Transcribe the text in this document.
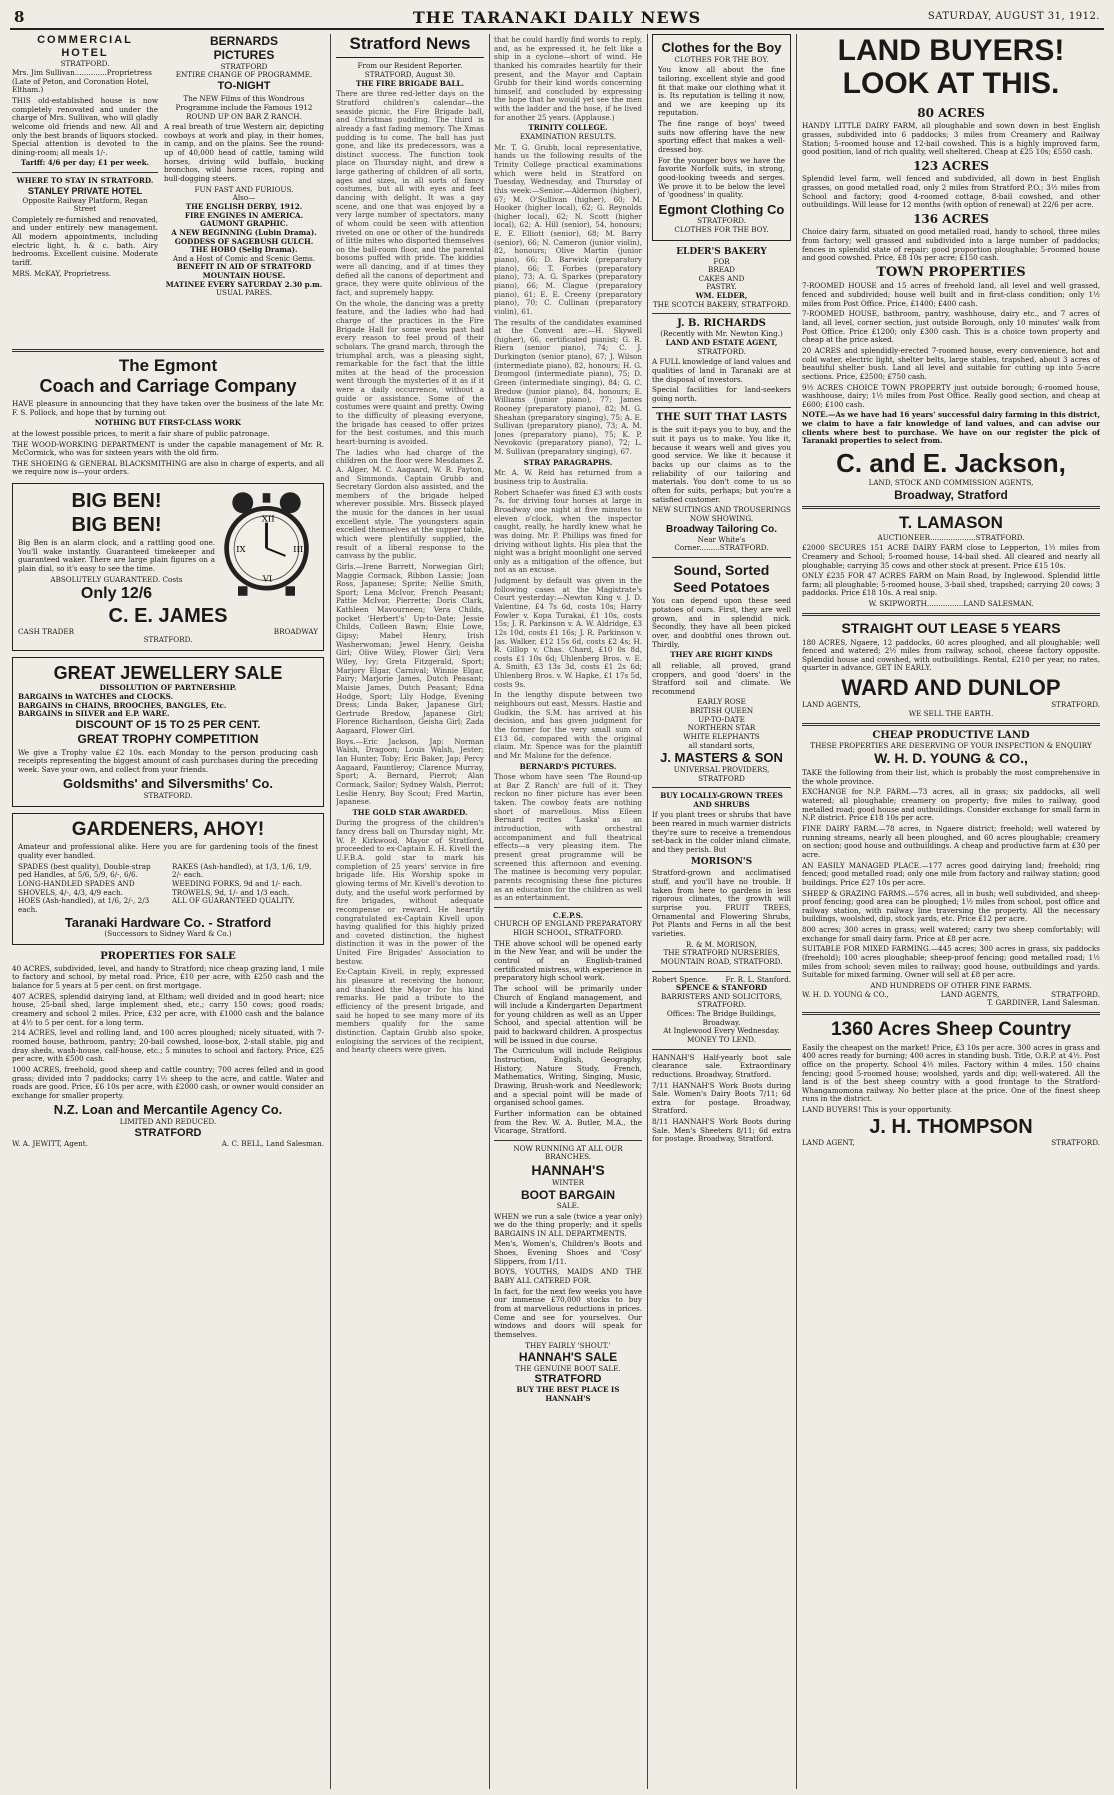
8	THE TARANAKI DAILY NEWS	SATURDAY, AUGUST 31, 1912.
COMMERCIAL HOTEL
STRATFORD.
Mrs. Jim Sullivan..............Proprietress
(Late of Peton, and Coronation Hotel, Eltham.)
THIS old-established house is now completely renovated and under the charge of Mrs. Sullivan, who will gladly welcome old friends and new. All and only the best brands of liquors stocked. Special attention is devoted to the dining-room; all meals 1/-.
Tariff: 4/6 per day; £1 per week.
WHERE TO STAY IN STRATFORD.
STANLEY PRIVATE HOTEL
Opposite Railway Platform, Regan Street
Completely re-furnished and renovated, and under entirely new management. All modern appointments, including electric light, h. & c. bath. Airy bedrooms. Excellent cuisine. Moderate tariff.
MRS. McKAY, Proprietress.
The Egmont
Coach and Carriage Company
HAVE pleasure in announcing that they have taken over the business of the late Mr. F. S. Pollock, and hope that by turning out
NOTHING BUT FIRST-CLASS WORK
at the lowest possible prices, to merit a fair share of public patronage.
THE WOOD-WORKING DEPARTMENT is under the capable management of Mr. R. McCormick, who was for sixteen years with the old firm.
THE SHOEING & GENERAL BLACKSMITHING are also in charge of experts, and all we require now is—your orders.
XII
III
VI
IX
BIG BEN!
BIG BEN!
Big Ben is an alarm clock, and a rattling good one. You'll wake instantly. Guaranteed timekeeper and guaranteed waker. There are large plain figures on a plain dial, so it's easy to see the time.
ABSOLUTELY GUARANTEED. Costs
Only 12/6
C. E. JAMES
CASH TRADER	BROADWAY
STRATFORD.
GREAT JEWELLERY SALE
DISSOLUTION OF PARTNERSHIP.
BARGAINS in WATCHES and CLOCKS.
BARGAINS in CHAINS, BROOCHES, BANGLES, Etc.
BARGAINS in SILVER and E.P. WARE.
DISCOUNT OF 15 TO 25 PER CENT.
GREAT TROPHY COMPETITION
We give a Trophy value £2 10s. each Monday to the person producing cash receipts representing the biggest amount of cash purchases during the preceding week. Save your own, and collect from your friends.
Goldsmiths' and Silversmiths' Co.
STRATFORD.
GARDENERS, AHOY!
Amateur and professional alike. Here you are for gardening tools of the finest quality ever handled.
SPADES (best quality), Double-strap ped Handles, at 5/6, 5/9, 6/-, 6/6.
LONG-HANDLED SPADES AND SHOVELS, 4/-, 4/3, 4/9 each.
HOES (Ash-handled), at 1/6, 2/-, 2/3 each.
RAKES (Ash-handled), at 1/3, 1/6, 1/9, 2/- each.
WEEDING FORKS, 9d and 1/- each.
TROWELS, 9d, 1/- and 1/3 each.
ALL OF GUARANTEED QUALITY.
Taranaki Hardware Co. - Stratford
(Successors to Sidney Ward & Co.)
PROPERTIES FOR SALE
40 ACRES, subdivided, level, and handy to Stratford; nice cheap grazing land, 1 mile to factory and school, by metal road. Price, £10 per acre, with £250 cash and the balance for 5 years at 5 per cent. on first mortgage.
407 ACRES, splendid dairying land, at Eltham; well divided and in good heart; nice house, 25-bail shed, large implement shed, etc.; carry 150 cows; good roads; creamery and school 2 miles. Price, £32 per acre, with £1000 cash and the balance at 4½ to 5 per cent. for a long term.
214 ACRES, level and rolling land, and 100 acres ploughed; nicely situated, with 7-roomed house, bathroom, pantry; 20-bail cowshed, loose-box, 2-stall stable, pig and dray sheds, wash-house, calf-house, etc.; 5 minutes to school and factory. Price, £25 per acre, with £500 cash.
1000 ACRES, freehold, good sheep and cattle country; 700 acres felled and in good grass; divided into 7 paddocks; carry 1½ sheep to the acre, and cattle. Water and roads are good. Price, £6 10s per acre, with £2000 cash, or owner would consider an exchange for smaller property.
N.Z. Loan and Mercantile Agency Co.
LIMITED AND REDUCED.
STRATFORD
W. A. JEWITT, Agent.	A. C. BELL, Land Salesman.
BERNARDS
PICTURES
STRATFORD
ENTIRE CHANGE OF PROGRAMME.
TO-NIGHT
The NEW Films of this Wondrous Programme include the Famous 1912 ROUND UP ON BAR Z RANCH.
A real breath of true Western air, depicting cowboys at work and play, in their homes, in camp, and on the plains. See the round-up of 40,000 head of cattle, taming wild horses, driving wild buffalo, bucking bronchos, wild horse races, roping and bull-dogging steers.
FUN FAST AND FURIOUS.
Also—
THE ENGLISH DERBY, 1912.
FIRE ENGINES IN AMERICA.
GAUMONT GRAPHIC.
A NEW BEGINNING (Lubin Drama).
GODDESS OF SAGEBUSH GULCH.
THE HOBO (Selig Drama).
And a Host of Comic and Scenic Gems.
BENEFIT IN AID OF STRATFORD MOUNTAIN HOUSE.
MATINEE EVERY SATURDAY 2.30 p.m.
USUAL PARES.
Stratford News
From our Resident Reporter.
STRATFORD, August 30.
THE FIRE BRIGADE BALL.
There are three red-letter days on the Stratford children's calendar—the seaside picnic, the Fire Brigade ball, and Christmas pudding. The third is already a fast fading memory. The Xmas pudding is to come. The ball has just gone, and like its predecessors, was a distinct success. The function took place on Thursday night, and drew a large gathering of children of all sorts, ages and sizes, in all sorts of fancy costumes, but all with eyes and feet dancing with delight. It was a gay scene, and one that was enjoyed by a very large number of spectators, many of whom could be seen with attention riveted on one or other of the hundreds of little mites who disported themselves on the ball-room floor, and the parental bosoms puffed with pride. The kiddies were all dancing, and if at times they defied all the canons of deportment and grace, they were quite oblivious of the fact, and supremely happy.
On the whole, the dancing was a pretty feature, and the ladies who had had charge of the practices in the Fire Brigade Hall for some weeks past had every reason to feel proud of their scholars. The grand march, through the triumphal arch, was a pleasing sight, remarkable for the fact that the little mites at the head of the procession went through the mysteries of it as if it were a daily occurrence, without a guide or assistance. Some of the costumes were quaint and pretty. Owing to the difficulty of pleasing everyone, the brigade has ceased to offer prizes for the best costumes, and this much heart-burning is avoided.
The ladies who had charge of the children on the floor were Mesdames Z. A. Alger, M. C. Aagaard, W. R. Payton, and Simmonds. Captain Grubb and Secretary Gordon also assisted, and the members of the brigade helped wherever possible. Mrs. Bisseck played the music for the dances in her usual excellent style. The youngsters again excelled themselves at the supper table, which were plentifully supplied, the result of a liberal response to the canvass by the public.
Girls.—Irene Barrett, Norwegian Girl; Maggie Cormack, Ribbon Lassie; Joan Ross, Japanese; Sprite; Nellie Smith, Sport; Lena McIvor, French Peasant; Pattie McIvor, Pierrette; Doris Clark, Kathleen Mavourneen; Vera Childs, pocket 'Herbert's' Up-to-Date; Jessie Childs, Colleen Bawn; Elsie Lowe, Gipsy; Mabel Henry, Irish Washerwoman; Jewel Henry, Geisha Girl; Olive Wiley, Flower Girl; Vera Wiley, Ivy; Greta Fitzgerald, Sport; Marjory Elgar, Carnival; Winnie Elgar, Fairy; Marjorie James, Dutch Peasant; Maisie James, Dutch Peasant; Edna Hodge, Sport; Lily Hodge, Evening Dress; Linda Baker, Japanese Girl; Gertrude Bredow, Japanese Girl; Florence Richardson, Geisha Girl; Zada Aagaard, Flower Girl.
Boys.—Eric Jackson, Jap; Norman Walsh, Dragoon; Louis Walsh, Jester; Ian Hunter, Toby; Eric Baker, Jap; Percy Aagaard, Fauntleroy; Clarence Murray, Sport; A. Bernard, Pierrot; Alan Cormack, Sailor; Sydney Walsh, Pierrot; Leslie Henry, Boy Scout; Fred Martin, Japanese.
THE GOLD STAR AWARDED.
During the progress of the children's fancy dress ball on Thursday night, Mr. W. P. Kirkwood, Mayor of Stratford, proceeded to ex-Captain E. H. Kivell the U.F.B.A. gold star to mark his completion of 25 years' service in fire brigade life. His Worship spoke in glowing terms of Mr. Kivell's devotion to duty, and the useful work performed by fire brigades, without adequate recompense or reward. He heartily congratulated ex-Captain Kivell upon having qualified for this highly prized and coveted distinction, the highest distinction it was in the power of the United Fire Brigades' Association to bestow.
Ex-Captain Kivell, in reply, expressed his pleasure at receiving the honour, and thanked the Mayor for his kind remarks. He paid a tribute to the efficiency of the present brigade, and said he hoped to see many more of its members qualify for the same distinction. Captain Grubb also spoke, eulogising the services of the recipient, and hearty cheers were given.
that he could hardly find words to reply, and, as he expressed it, he felt like a ship in a cyclone—short of wind. He thanked his comrades heartily for their present, and the Mayor and Captain Grubb for their kind words concerning himself, and concluded by expressing the hope that he would yet see the men with the ladder and the hose, if he lived for another 25 years. (Applause.)
TRINITY COLLEGE.
EXAMINATION RESULTS.
Mr. T. G. Grubb, local representative, hands us the following results of the Trinity College practical examinations which were held in Stratford on Tuesday, Wednesday, and Thursday of this week:—Senior.—Aldermon (higher), 67; M. O'Sullivan (higher), 60; M. Hooker (higher local), 62; G. Reynolds (higher local), 62; N. Scott (higher local), 62; A. Hill (senior), 54, honours; E. E. Elliott (senior), 68; M. Barry (senior), 66; N. Cameron (junior violin), 82, honours; Olive Martin (junior piano), 66; D. Barwick (preparatory piano), 66; T. Forbes (preparatory piano), 73; A. G. Sparkes (preparatory piano), 66; M. Clague (preparatory piano), 61; E. E. Creeny (preparatory piano), 70; C. Cullinan (preparatory violin), 61.
The results of the candidates examined at the Convent are:—H. Skywell (higher), 66, certificated pianist; G. R. Riera (senior piano), 74; C. J. Durkington (senior piano), 67; J. Wilson (intermediate piano), 82, honours; H. G. Dromgool (intermediate piano), 75; D. Green (intermediate singing), 84; G. C. Bredow (junior piano), 84, honours; E. Williams (junior piano), 77; James Rooney (preparatory piano), 82; M. G. Sheahan (preparatory singing), 75; A. E. Sullivan (preparatory piano), 73; A. M. Jones (preparatory piano), 75; K. P. Nevokovic (preparatory piano), 72; L. M. Sullivan (preparatory singing), 67.
STRAY PARAGRAPHS.
Mr. A. W. Reid has returned from a business trip to Australia.
Robert Schaefer was fined £3 with costs 7s. for driving four horses at large in Broadway one night at five minutes to eleven o'clock, when the inspector caught, really, he hardly knew what he was doing. Mr. P. Phillips was fined for driving without lights. His plea that the night was a bright moonlight one served only as a mitigation of the offence, but not as an excuse.
Judgment by default was given in the following cases at the Magistrate's Court yesterday:—Newton King v. J. D. Valentine, £4 7s 6d, costs 10s; Harry Fowler v. Kopa Turakai, £1 10s, costs 15s; J. R. Parkinson v. A. W. Aldridge, £3 12s 10d, costs £1 16s; J. R. Parkinson v. Jas. Walker, £12 15s 6d, costs £2 4s; H. R. Gillop v. Chas. Chard, £10 0s 8d, costs £1 10s 6d; Uhlenberg Bros. v. E. A. Smith, £3 13s 3d, costs £1 2s 6d; Uhlenberg Bros. v. W. Hapke, £1 17s 5d, costs 9s.
In the lengthy dispute between two neighbours out east, Messrs. Hastie and Gudkin, the S.M. has arrived at his decision, and has given judgment for the former for the very small sum of £13 6d, compared with the original claim. Mr. Spence was for the plaintiff and Mr. Malone for the defence.
BERNARD'S PICTURES.
Those whom have seen 'The Round-up at Bar Z Ranch' are full of it. They reckon no finer picture has ever been taken. The cowboy feats are nothing short of marvellous. Miss Eileen Bernard recites 'Laska' as an introduction, with orchestral accompaniment and full theatrical effects—a very pleasing item. The present great programme will be screened this afternoon and evening. The matinee is becoming very popular, parents recognising these fine pictures as an education for the children as well as an entertainment.
C.E.P.S.
CHURCH OF ENGLAND PREPARATORY HIGH SCHOOL, STRATFORD.
THE above school will be opened early in the New Year, and will be under the control of an English-trained certificated mistress, with experience in preparatory high school work.
The school will be primarily under Church of England management, and will include a Kindergarten Department for young children as well as an Upper School, and special attention will be paid to backward children. A prospectus will be issued in due course.
The Curriculum will include Religious Instruction, English, Geography, History, Nature Study, French, Mathematics, Writing, Singing, Music, Drawing, Brush-work and Needlework; and a special point will be made of organised school games.
Further information can be obtained from the Rev. W. A. Butler, M.A., the Vicarage, Stratford.
NOW RUNNING AT ALL OUR BRANCHES.
HANNAH'S
WINTER
BOOT BARGAIN
SALE.
WHEN we run a sale (twice a year only) we do the thing properly; and it spells BARGAINS IN ALL DEPARTMENTS.
Men's, Women's, Children's Boots and Shoes, Evening Shoes and 'Cosy' Slippers, from 1/11.
BOYS, YOUTHS, MAIDS AND THE BABY ALL CATERED FOR.
In fact, for the next few weeks you have our immense £70,000 stocks to buy from at marvellous reductions in prices. Come and see for yourselves. Our windows and doors will speak for themselves.
THEY FAIRLY 'SHOUT.'
HANNAH'S SALE
THE GENUINE BOOT SALE.
STRATFORD
BUY THE BEST PLACE IS HANNAH'S
Clothes for the Boy
CLOTHES FOR THE BOY.
You know all about the fine tailoring, excellent style and good fit that make our clothing what it is. Its reputation is telling it now, and we are keeping up its reputation.
The fine range of boys' tweed suits now offering have the new sporting effect that makes a well-dressed boy.
For the younger boys we have the favorite Norfolk suits, in strong, good-looking tweeds and serges. We prove it to be below the level of 'goodness' in quality.
Egmont Clothing Co
STRATFORD.
CLOTHES FOR THE BOY.
ELDER'S BAKERY
FOR
BREAD
CAKES AND
PASTRY.
WM. ELDER,
THE SCOTCH BAKERY, STRATFORD.
J. B. RICHARDS
(Recently with Mr. Newton King.)
LAND AND ESTATE AGENT,
STRATFORD.
A FULL knowledge of land values and qualities of land in Taranaki are at the disposal of investors.
Special facilities for land-seekers going north.
THE SUIT THAT LASTS
is the suit it-pays you to buy, and the suit it pays us to make. You like it, because it wears well and gives you good service. We like it because it backs up our claims as to the reliability of our tailoring and materials. You don't come to us so often for suits, perhaps; but you're a satisfied customer.
NEW SUITINGS AND TROUSERINGS NOW SHOWING.
Broadway Tailoring Co.
Near White's Corner.........STRATFORD.
Sound, Sorted
Seed Potatoes
You can depend upon these seed potatoes of ours. First, they are well grown, and in splendid nick. Secondly, they have all been picked over, and doubtful ones thrown out. Thirdly,
THEY ARE RIGHT KINDS
all reliable, all proved, grand croppers, and good 'doers' in the Stratford soil and climate. We recommend
EARLY ROSE
BRITISH QUEEN
UP-TO-DATE
NORTHERN STAR
WHITE ELEPHANTS
all standard sorts,
J. MASTERS & SON
UNIVERSAL PROVIDERS,
STRATFORD
BUY LOCALLY-GROWN TREES AND SHRUBS
If you plant trees or shrubs that have been reared in much warmer districts they're sure to receive a tremendous set-back in the colder inland climate, and they perish. But
MORISON'S
Stratford-grown and acclimatised stuff, and you'll have no trouble. If taken from here to gardens in less rigorous climates, the growth will surprise you. FRUIT TREES, Ornamental and Flowering Shrubs, Pot Plants and Ferns in all the best varieties.
R. & M. MORISON,
THE STRATFORD NURSERIES,
MOUNTAIN ROAD, STRATFORD.
Robert Spence. Fr. R. L. Stanford.
SPENCE & STANFORD
BARRISTERS AND SOLICITORS,
STRATFORD.
Offices: The Bridge Buildings, Broadway.
At Inglewood Every Wednesday.
MONEY TO LEND.
HANNAH'S Half-yearly boot sale clearance sale. Extraordinary reductions. Broadway, Stratford.
7/11 HANNAH'S Work Boots during Sale. Women's Dairy Boots 7/11; 6d extra for postage. Broadway, Stratford.
8/11 HANNAH'S Work Boots during Sale. Men's Sheeters 8/11; 6d extra for postage. Broadway, Stratford.
LAND BUYERS!
LOOK AT THIS.
80 ACRES
HANDY LITTLE DAIRY FARM, all ploughable and sown down in best English grasses, subdivided into 6 paddocks; 3 miles from Creamery and Railway Station; 5-roomed house and 12-bail cowshed. This is a highly improved farm, good position, land of rich quality, well sheltered. Cheap at £25 10s; £550 cash.
123 ACRES
Splendid level farm, well fenced and subdivided, all down in best English grasses, on good metalled road, only 2 miles from Stratford P.O.; 3½ miles from School and factory; good 4-roomed cottage, 8-bail cowshed, and other outbuildings. Will lease for 12 months (with option of renewal) at 22/6 per acre.
136 ACRES
Choice dairy farm, situated on good metalled road, handy to school, three miles from factory; well grassed and subdivided into a large number of paddocks; fences in splendid state of repair; good proportion ploughable; 5-roomed house and good cowshed. Price, £8 10s per acre; £150 cash.
TOWN PROPERTIES
7-ROOMED HOUSE and 15 acres of freehold land, all level and well grassed, fenced and subdivided; house well built and in first-class condition; only 1½ miles from Post Office. Price, £1400; £400 cash.
7-ROOMED HOUSE, bathroom, pantry, washhouse, dairy etc., and 7 acres of land, all level, corner section, just outside Borough, only 10 minutes' walk from Post Office. Price £1200; only £300 cash. This is a choice town property and cheap at the price asked.
20 ACRES and splendidly-erected 7-roomed house, every convenience, hot and cold water, electric light, shelter belts, large stables, trapshed, about 3 acres of beautiful shelter bush. Land all level and suitable for cutting up into 5-acre sections. Price, £2500; £750 cash.
9½ ACRES CHOICE TOWN PROPERTY just outside borough; 6-roomed house, washhouse, dairy; 1½ miles from Post Office. Really good section, and cheap at £600; £100 cash.
NOTE.—As we have had 16 years' successful dairy farming in this district, we claim to have a fair knowledge of land values, and can advise our clients where best to purchase. We have on our register the pick of Taranaki properties to select from.
C. and E. Jackson,
LAND, STOCK AND COMMISSION AGENTS,
Broadway, Stratford
T. LAMASON
AUCTIONEER....................STRATFORD.
£2000 SECURES 151 ACRE DAIRY FARM close to Lepperton, 1½ miles from Creamery and School; 5-roomed house, 14-bail shed. All cleared and nearly all ploughable; carrying 35 cows and other stock at present. Price £15 10s.
ONLY £235 FOR 47 ACRES FARM on Main Road, by Inglewood. Splendid little farm; all ploughable; 5-roomed house, 3-bail shed, trapshed; carrying 20 cows; 3 paddocks. Price £18 10s. A real snip.
W. SKIPWORTH................LAND SALESMAN.
STRAIGHT OUT LEASE 5 YEARS
180 ACRES, Ngaere, 12 paddocks, 60 acres ploughed, and all ploughable; well fenced and watered; 2½ miles from railway, school, cheese factory opposite. Splendid house and cowshed, with outbuildings. Rental, £210 per year, no rates, quarter in advance. GET IN EARLY.
WARD AND DUNLOP
LAND AGENTS,	STRATFORD.
WE SELL THE EARTH.
CHEAP PRODUCTIVE LAND
THESE PROPERTIES ARE DESERVING OF YOUR INSPECTION & ENQUIRY
W. H. D. YOUNG & CO.,
TAKE the following from their list, which is probably the most comprehensive in the whole province.
EXCHANGE for N.P. FARM.—73 acres, all in grass; six paddocks, all well watered; all ploughable; creamery on property; five miles to railway, good metalled road; good house and outbuildings. Consider exchange for small farm in N.P. district. Price £18 10s per acre.
FINE DAIRY FARM.—78 acres, in Ngaere district; freehold; well watered by running streams, nearly all been ploughed, and 60 acres ploughable; creamery on section; good house and outbuildings. A cheap and productive farm at £30 per acre.
AN EASILY MANAGED PLACE.—177 acres good dairying land; freehold; ring fenced; good metalled road; only one mile from factory and railway station; good buildings. Price £27 10s per acre.
SHEEP & GRAZING FARMS.—576 acres, all in bush; well subdivided, and sheep-proof fencing; good area can be ploughed; 1½ miles from school, post office and railway station, with railway line traversing the property. All the necessary buildings, woolshed, dip, stock yards, etc. Price £12 per acre.
800 acres; 300 acres in grass; well watered; carry two sheep comfortably; will exchange for small dairy farm. Price at £8 per acre.
SUITABLE FOR MIXED FARMING.—445 acres; 300 acres in grass, six paddocks (freehold); 100 acres ploughable; sheep-proof fencing; good metalled road; 1½ miles from school; seven miles to railway; good house, outbuildings and yards. Suitable for mixed farming. Owner will sell at £8 per acre.
AND HUNDREDS OF OTHER FINE FARMS.
W. H. D. YOUNG & CO.,	LAND AGENTS,	STRATFORD.
T. GARDINER, Land Salesman.
1360 Acres Sheep Country
Easily the cheapest on the market! Price, £3 10s per acre. 300 acres in grass and 400 acres ready for burning; 400 acres in standing bush. Title, O.R.P. at 4½. Post office on the property. School 4½ miles. Factory within 4 miles. 150 chains fencing; good 5-roomed house; woolshed, yards and dip; well-watered. All the land is of the best sheep country with a good frontage to the Stratford-Whangamomona railway. No better place at the price. One of the finest sheep runs in the district.
LAND BUYERS! This is your opportunity.
J. H. THOMPSON
LAND AGENT,	STRATFORD.
